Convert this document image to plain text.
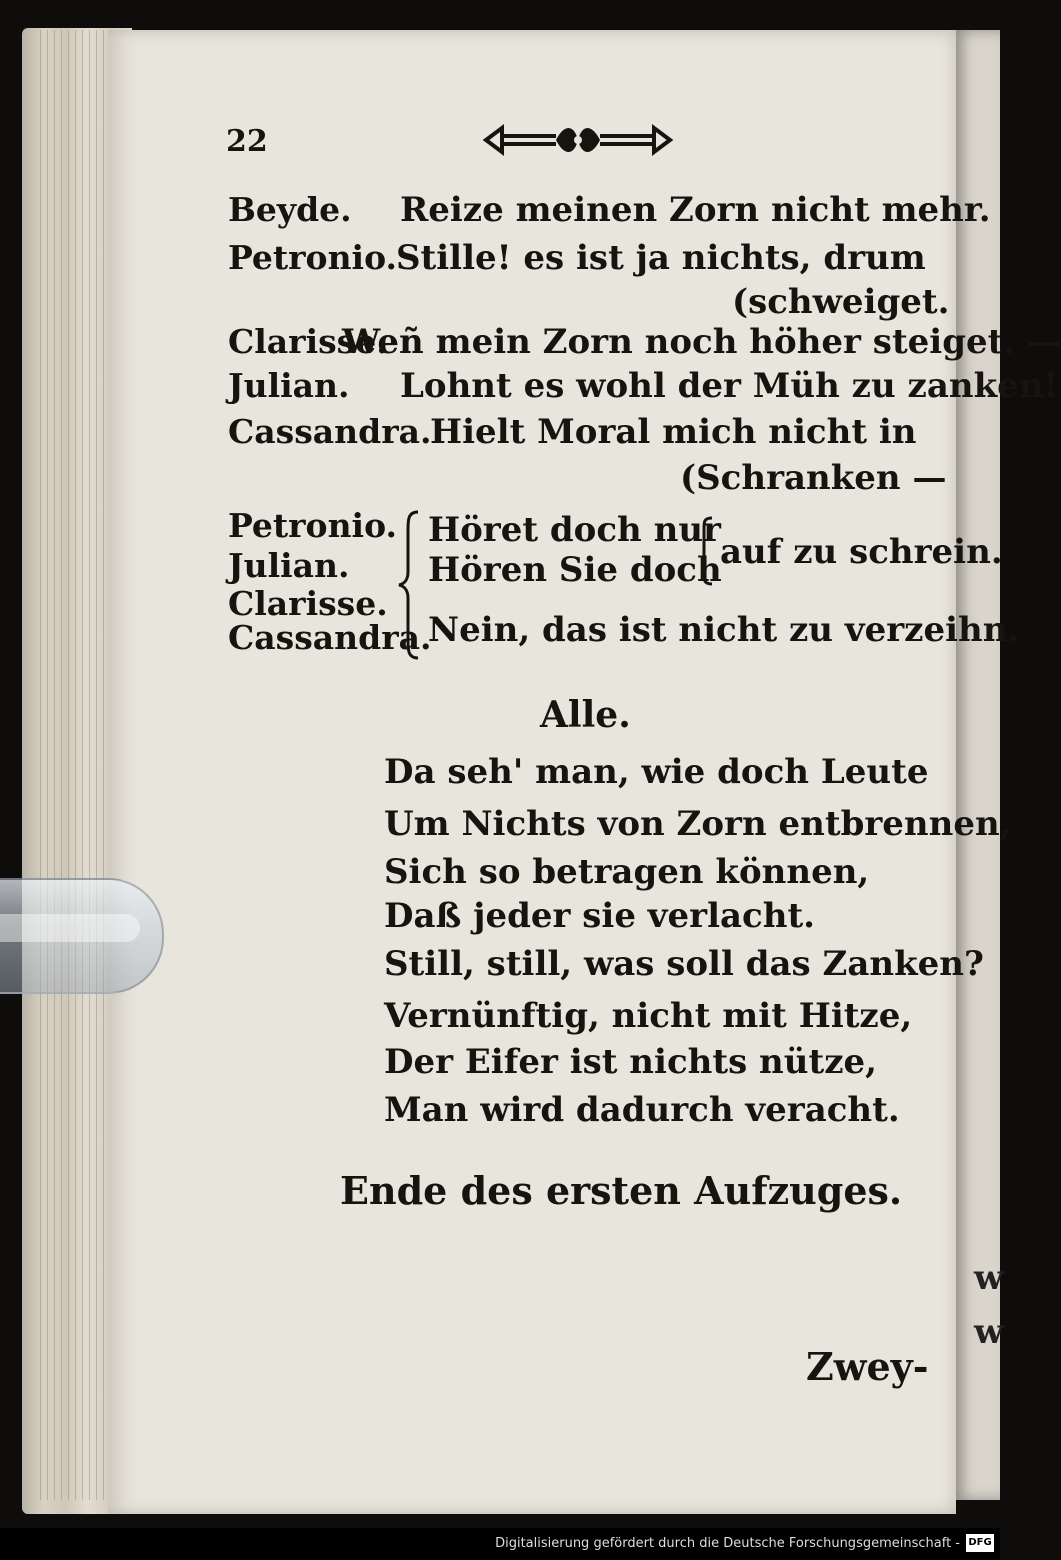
w
w
22
Beyde. Reize meinen Zorn nicht mehr.
Petronio.
Stille! es ist ja nichts, drum
(schweiget.
Clarisse.
Weñ mein Zorn noch höher steiget. —
Julian. Lohnt es wohl der Müh zu zanken!
Cassandra.
Hielt Moral mich nicht in
(Schranken —
Petronio.
Julian.
Clarisse.
Cassandra.
Höret doch nur
Hören Sie doch
auf zu schrein.
Nein, das ist nicht zu verzeihn.
Alle.
Da seh' man, wie doch Leute
Um Nichts von Zorn entbrennen,
Sich so betragen können,
Daß jeder sie verlacht.
Still, still, was soll das Zanken?
Vernünftig, nicht mit Hitze,
Der Eifer ist nichts nütze,
Man wird dadurch veracht.
Ende des ersten Aufzuges.
Zwey-
Digitalisierung gefördert durch die Deutsche Forschungsgemeinschaft - DFG
